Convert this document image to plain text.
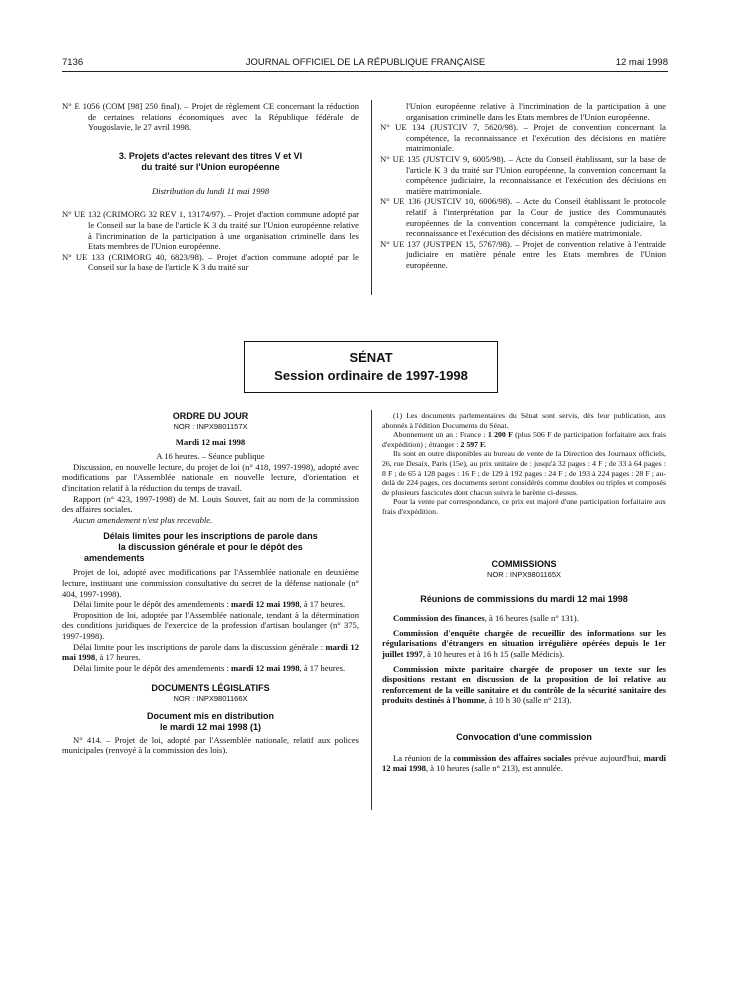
7136	JOURNAL OFFICIEL DE LA RÉPUBLIQUE FRANÇAISE	12 mai 1998

N° E 1056 (COM [98] 250 final). – Projet de règlement CE concernant la réduction de certaines relations économiques avec la République fédérale de Yougoslavie, le 27 avril 1998.

3. Projets d'actes relevant des titres V et VI
du traité sur l'Union européenne

Distribution du lundi 11 mai 1998

N° UE 132 (CRIMORG 32 REV 1, 13174/97). – Projet d'action commune adopté par le Conseil sur la base de l'article K 3 du traité sur l'Union européenne relative à l'incrimination de la participation à une organisation criminelle dans les Etats membres de l'Union européenne.

N° UE 133 (CRIMORG 40, 6823/98). – Projet d'action commune adopté par le Conseil sur la base de l'article K 3 du traité sur

l'Union européenne relative à l'incrimination de la participation à une organisation criminelle dans les Etats membres de l'Union européenne.

N° UE 134 (JUSTCIV 7, 5620/98). – Projet de convention concernant la compétence, la reconnaissance et l'exécution des décisions en matière matrimoniale.

N° UE 135 (JUSTCIV 9, 6005/98). – Acte du Conseil établissant, sur la base de l'article K 3 du traité sur l'Union européenne, la convention concernant la compétence judiciaire, la reconnaissance et l'exécution des décisions en matière matrimoniale.

N° UE 136 (JUSTCIV 10, 6006/98). – Acte du Conseil établissant le protocole relatif à l'interprétation par la Cour de justice des Communautés européennes de la convention concernant la compétence judiciaire, la reconnaissance et l'exécution des décisions en matière matrimoniale.

N° UE 137 (JUSTPEN 15, 5767/98). – Projet de convention relative à l'entraide judiciaire en matière pénale entre les Etats membres de l'Union européenne.

SÉNAT
Session ordinaire de 1997-1998
ORDRE DU JOUR
NOR : INPX9801157X

Mardi 12 mai 1998

A 16 heures. – Séance publique

Discussion, en nouvelle lecture, du projet de loi (n° 418, 1997-1998), adopté avec modifications par l'Assemblée nationale en nouvelle lecture, d'orientation et d'incitation relatif à la réduction du temps de travail.

Rapport (n° 423, 1997-1998) de M. Louis Souvet, fait au nom de la commission des affaires sociales.

Aucun amendement n'est plus recevable.

Délais limites pour les inscriptions de parole dans
la discussion générale et pour le dépôt des
amendements

Projet de loi, adopté avec modifications par l'Assemblée nationale en deuxième lecture, instituant une commission consultative du secret de la défense nationale (n° 404, 1997-1998).

Délai limite pour le dépôt des amendements : mardi 12 mai 1998, à 17 heures.

Proposition de loi, adoptée par l'Assemblée nationale, tendant à la détermination des conditions juridiques de l'exercice de la profession d'artisan boulanger (n° 375, 1997-1998).

Délai limite pour les inscriptions de parole dans la discussion générale : mardi 12 mai 1998, à 17 heures.

Délai limite pour le dépôt des amendements : mardi 12 mai 1998, à 17 heures.

DOCUMENTS LÉGISLATIFS
NOR : INPX9801166X
Document mis en distribution
le mardi 12 mai 1998 (1)

N° 414. – Projet de loi, adopté par l'Assemblée nationale, relatif aux polices municipales (renvoyé à la commission des lois).

(1) Les documents parlementaires du Sénat sont servis, dès leur publication, aux abonnés à l'édition Documents du Sénat.

Abonnement un an : France : 1 200 F (plus 506 F de participation forfaitaire aux frais d'expédition) ; étranger : 2 597 F.

Ils sont en outre disponibles au bureau de vente de la Direction des Journaux officiels, 26, rue Desaix, Paris (15e), au prix unitaire de : jusqu'à 32 pages : 4 F ; de 33 à 64 pages : 8 F ; de 65 à 128 pages : 16 F ; de 129 à 192 pages : 24 F ; de 193 à 224 pages : 28 F ; au-delà de 224 pages, ces documents seront considérés comme doubles ou triples et composés de plusieurs fascicules dont chacun suivra le barème ci-dessus.

Pour la vente par correspondance, ce prix est majoré d'une participation forfaitaire aux frais d'expédition.

COMMISSIONS
NOR : INPX9801165X
Réunions de commissions du mardi 12 mai 1998

Commission des finances, à 16 heures (salle n° 131).

Commission d'enquête chargée de recueillir des informations sur les régularisations d'étrangers en situation irrégulière opérées depuis le 1er juillet 1997, à 10 heures et à 16 h 15 (salle Médicis).

Commission mixte paritaire chargée de proposer un texte sur les dispositions restant en discussion de la proposition de loi relative au renforcement de la veille sanitaire et du contrôle de la sécurité sanitaire des produits destinés à l'homme, à 10 h 30 (salle n° 213).

Convocation d'une commission

La réunion de la commission des affaires sociales prévue aujourd'hui, mardi 12 mai 1998, à 10 heures (salle n° 213), est annulée.
